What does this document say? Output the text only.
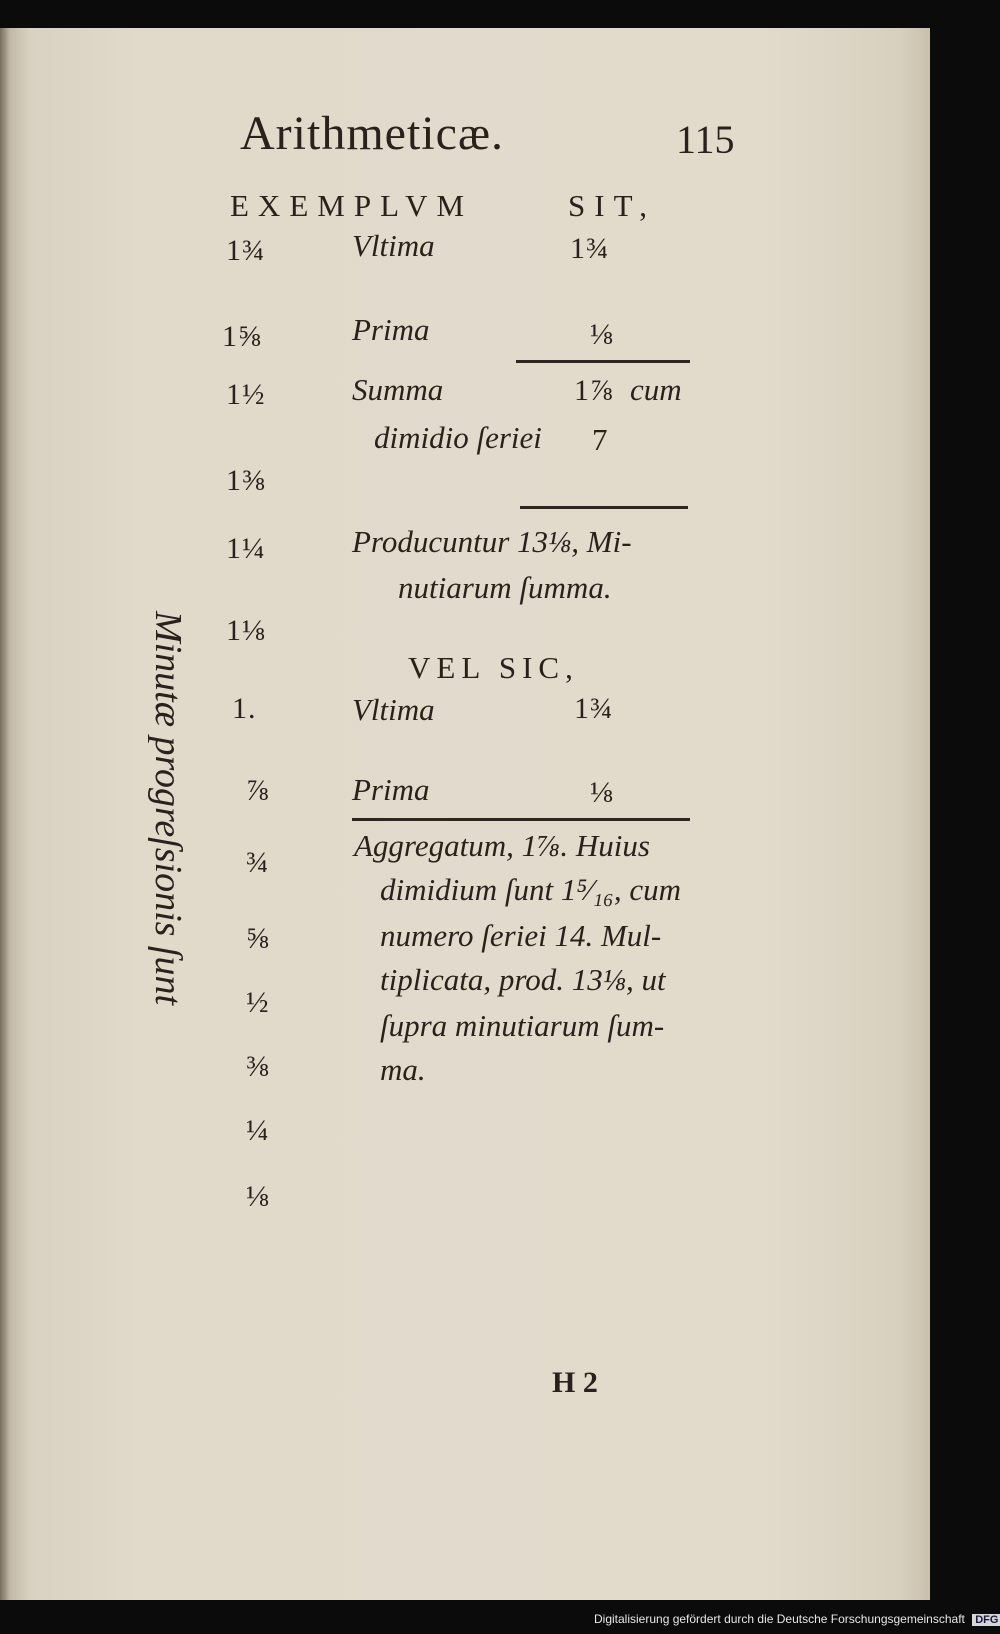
Arithmeticæ.	115
EXEMPLVM	SIT,
Minutæ progreſsionis ſunt
1¾
1⅝
1½
1⅜
1¼
1⅛
1.
⅞
¾
⅝
½
⅜
¼
⅛
Vltima	1¾
Prima	⅛
Summa	1⅞ cum
dimidio ſeriei 7
Producuntur 13⅛, Mi-
nutiarum ſumma.
VEL SIC,
Vltima	1¾
Prima	⅛
Aggregatum, 1⅞. Huius
dimidium ſunt 1⁵⁄₁₆, cum
numero ſeriei 14. Mul-
tiplicata, prod. 13⅛, ut
ſupra minutiarum ſum-
ma.
H 2
Digitalisierung gefördert durch die Deutsche Forschungsgemeinschaft DFG
